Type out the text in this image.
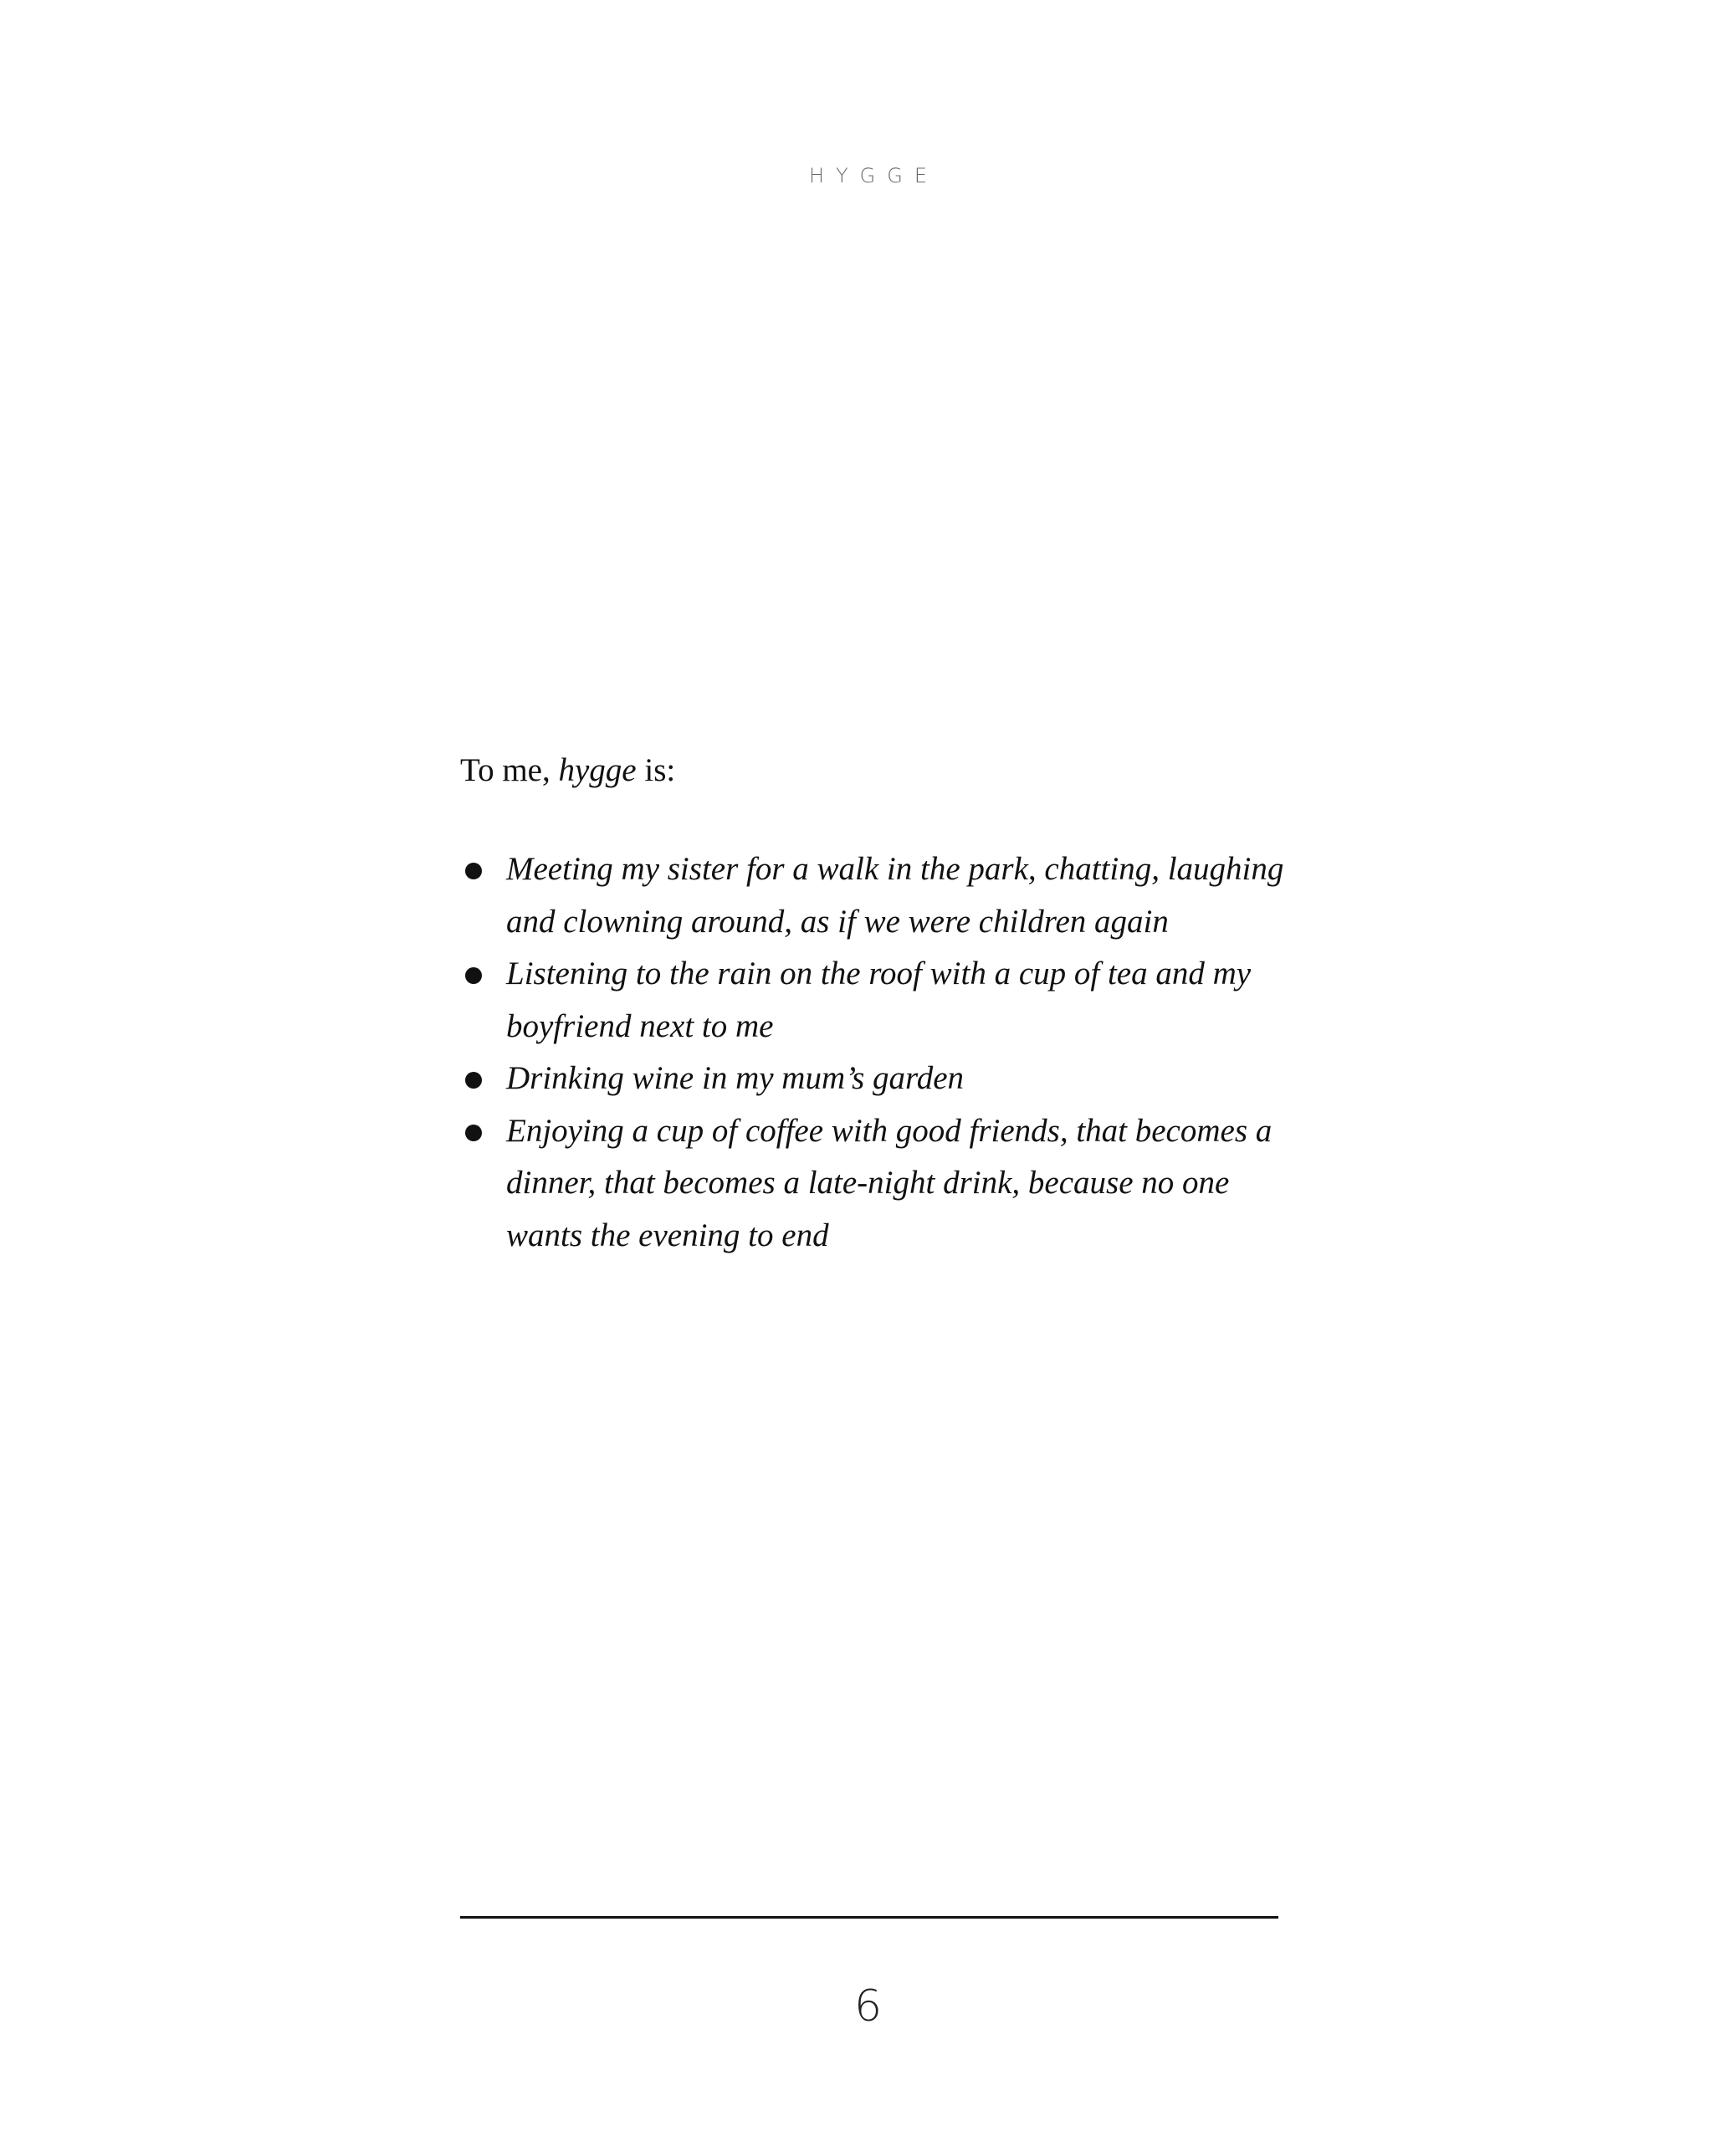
HYGGE

To me, hygge is:

Meeting my sister for a walk in the park, chatting, laughing and clowning around, as if we were children again
Listening to the rain on the roof with a cup of tea and my boyfriend next to me
Drinking wine in my mum’s garden
Enjoying a cup of coffee with good friends, that becomes a dinner, that becomes a late-night drink, because no one wants the evening to end
6
